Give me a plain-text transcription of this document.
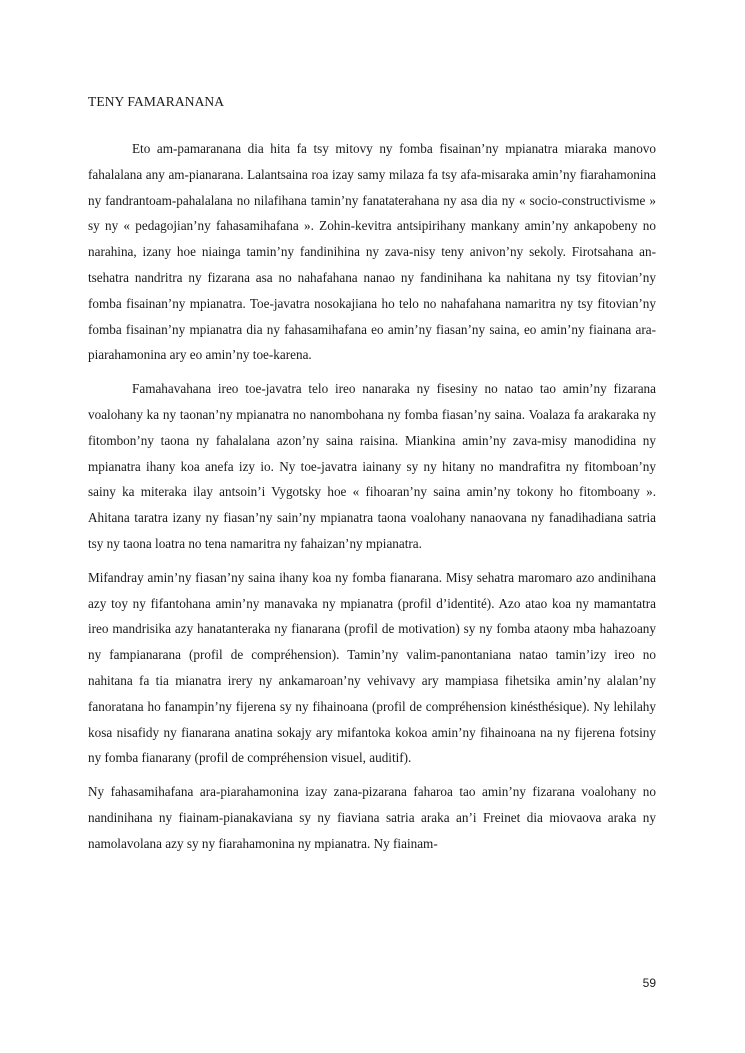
TENY FAMARANANA

Eto am-pamaranana dia hita fa tsy mitovy ny fomba fisainan’ny mpianatra miaraka manovo fahalalana any am-pianarana. Lalantsaina roa izay samy milaza fa tsy afa-misaraka amin’ny fiarahamonina ny fandrantoam-pahalalana no nilafihana tamin’ny fanataterahana ny asa dia ny « socio-constructivisme » sy ny « pedagojian’ny fahasamihafana ». Zohin-kevitra antsipirihany mankany amin’ny ankapobeny no narahina, izany hoe niainga tamin’ny fandinihina ny zava-nisy teny anivon’ny sekoly. Firotsahana an-tsehatra nandritra ny fizarana asa no nahafahana nanao ny fandinihana ka nahitana ny tsy fitovian’ny fomba fisainan’ny mpianatra. Toe-javatra nosokajiana ho telo no nahafahana namaritra ny tsy fitovian’ny fomba fisainan’ny mpianatra dia ny fahasamihafana eo amin’ny fiasan’ny saina, eo amin’ny fiainana ara-piarahamonina ary eo amin’ny toe-karena.

Famahavahana ireo toe-javatra telo ireo nanaraka ny fisesiny no natao tao amin’ny fizarana voalohany ka ny taonan’ny mpianatra no nanombohana ny fomba fiasan’ny saina. Voalaza fa arakaraka ny fitombon’ny taona ny fahalalana azon’ny saina raisina. Miankina amin’ny zava-misy manodidina ny mpianatra ihany koa anefa izy io. Ny toe-javatra iainany sy ny hitany no mandrafitra ny fitomboan’ny sainy ka miteraka ilay antsoin’i Vygotsky hoe « fihoaran’ny saina amin’ny tokony ho fitomboany ». Ahitana taratra izany ny fiasan’ny sain’ny mpianatra taona voalohany nanaovana ny fanadihadiana satria tsy ny taona loatra no tena namaritra ny fahaizan’ny mpianatra.

Mifandray amin’ny fiasan’ny saina ihany koa ny fomba fianarana. Misy sehatra maromaro azo andinihana azy toy ny fifantohana amin’ny manavaka ny mpianatra (profil d’identité). Azo atao koa ny mamantatra ireo mandrisika azy hanatanteraka ny fianarana (profil de motivation) sy ny fomba ataony mba hahazoany ny fampianarana (profil de compréhension). Tamin’ny valim-panontaniana natao tamin’izy ireo no nahitana fa tia mianatra irery ny ankamaroan’ny vehivavy ary mampiasa fihetsika amin’ny alalan’ny fanoratana ho fanampin’ny fijerena sy ny fihainoana (profil de compréhension kinésthésique). Ny lehilahy kosa nisafidy ny fianarana anatina sokajy ary mifantoka kokoa amin’ny fihainoana na ny fijerena fotsiny ny fomba fianarany (profil de compréhension visuel, auditif).

Ny fahasamihafana ara-piarahamonina izay zana-pizarana faharoa tao amin’ny fizarana voalohany no nandinihana ny fiainam-pianakaviana sy ny fiaviana satria araka an’i Freinet dia miovaova araka ny namolavolana azy sy ny fiarahamonina ny mpianatra. Ny fiainam-

59
